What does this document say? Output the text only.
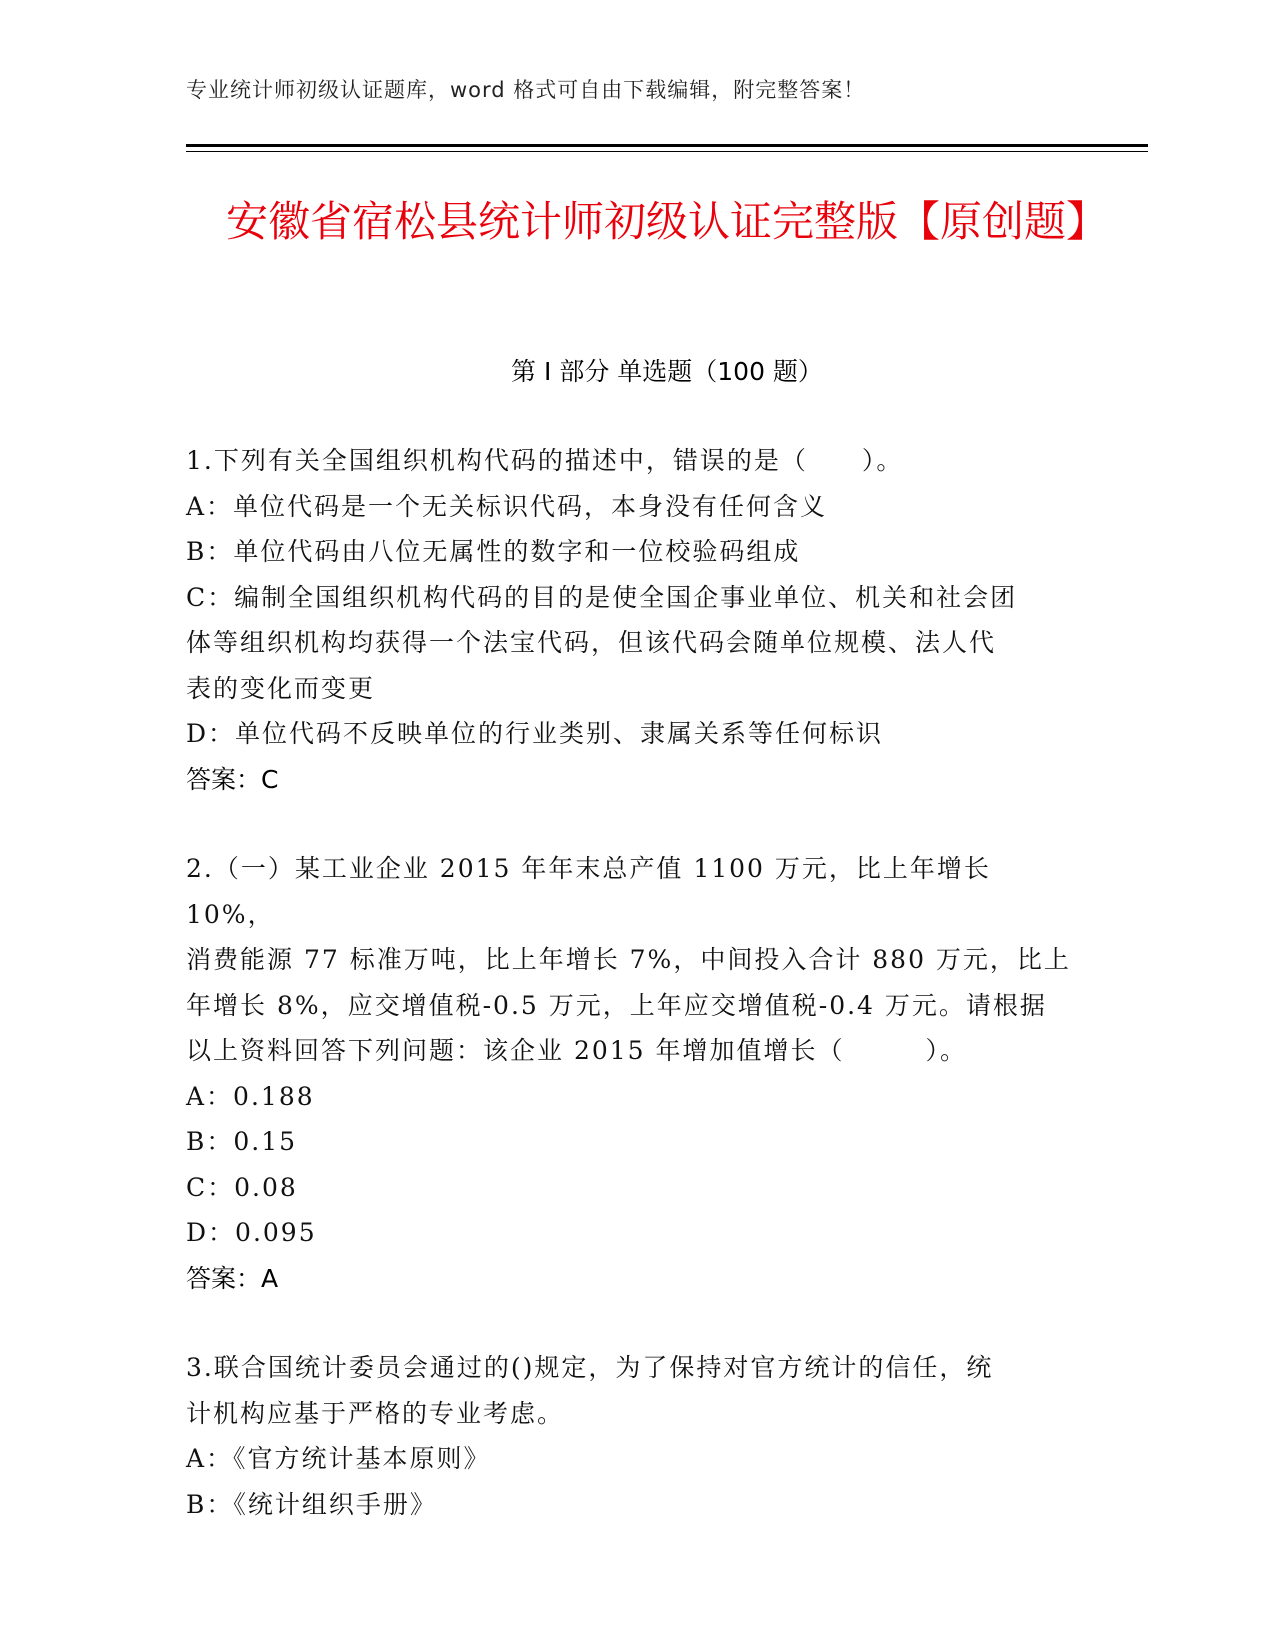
专业统计师初级认证题库，word 格式可自由下载编辑，附完整答案！
安徽省宿松县统计师初级认证完整版【原创题】
第 I 部分 单选题（100 题）
1.下列有关全国组织机构代码的描述中，错误的是（　　）。
A：单位代码是一个无关标识代码，本身没有任何含义
B：单位代码由八位无属性的数字和一位校验码组成
C：编制全国组织机构代码的目的是使全国企事业单位、机关和社会团
体等组织机构均获得一个法宝代码，但该代码会随单位规模、法人代
表的变化而变更
D：单位代码不反映单位的行业类别、隶属关系等任何标识
答案：C
2.（一）某工业企业 2015 年年末总产值 1100 万元，比上年增长 10%，
消费能源 77 标准万吨，比上年增长 7%，中间投入合计 880 万元，比上
年增长 8%，应交增值税-0.5 万元，上年应交增值税-0.4 万元。请根据
以上资料回答下列问题：该企业 2015 年增加值增长（　　　）。
A：0.188
B：0.15
C：0.08
D：0.095
答案：A
3.联合国统计委员会通过的()规定，为了保持对官方统计的信任，统
计机构应基于严格的专业考虑。
A：《官方统计基本原则》
B：《统计组织手册》
